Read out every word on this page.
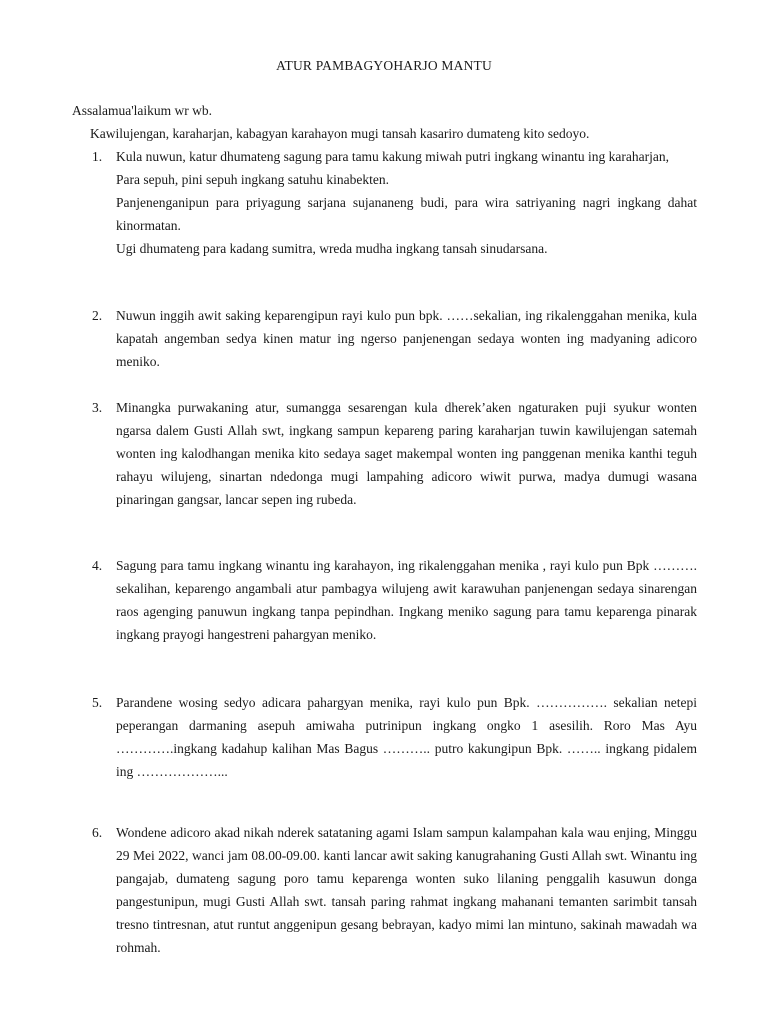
ATUR PAMBAGYOHARJO MANTU
Assalamua'laikum wr wb.
Kawilujengan, karaharjan, kabagyan karahayon mugi tansah kasariro dumateng kito sedoyo.
1.	Kula nuwun, katur dhumateng sagung para tamu kakung miwah putri ingkang winantu ing karaharjan,
Para sepuh, pini sepuh ingkang satuhu kinabekten.
Panjenenganipun para priyagung sarjana sujananeng budi, para wira satriyaning nagri ingkang dahat kinormatan.
Ugi dhumateng para kadang sumitra, wreda mudha ingkang tansah sinudarsana.
2.	Nuwun inggih awit saking keparengipun rayi kulo pun bpk. ……sekalian, ing rikalenggahan menika, kula kapatah angemban sedya kinen matur ing ngerso panjenengan sedaya wonten ing madyaning adicoro meniko.
3.	Minangka purwakaning atur, sumangga sesarengan kula dherek’aken ngaturaken puji syukur wonten ngarsa dalem Gusti Allah swt, ingkang sampun kepareng paring karaharjan tuwin kawilujengan satemah wonten ing kalodhangan menika kito sedaya saget makempal wonten ing panggenan menika kanthi teguh rahayu wilujeng, sinartan ndedonga mugi lampahing adicoro wiwit purwa, madya dumugi wasana pinaringan gangsar, lancar sepen ing rubeda.
4.	Sagung para tamu ingkang winantu ing karahayon, ing rikalenggahan menika , rayi kulo pun Bpk ………. sekalihan, keparengo angambali atur pambagya wilujeng awit karawuhan panjenengan sedaya sinarengan raos agenging panuwun ingkang tanpa pepindhan. Ingkang meniko sagung para tamu keparenga pinarak ingkang prayogi hangestreni pahargyan meniko.
5.	Parandene wosing sedyo adicara pahargyan menika, rayi kulo pun Bpk. ……………. sekalian netepi peperangan darmaning asepuh amiwaha putrinipun ingkang ongko 1 asesilih. Roro Mas Ayu ………….ingkang kadahup kalihan Mas Bagus ……….. putro kakungipun Bpk. …….. ingkang pidalem ing ………………...
6.	Wondene adicoro akad nikah nderek satataning agami Islam sampun kalampahan kala wau enjing, Minggu 29 Mei 2022, wanci jam 08.00-09.00. kanti lancar awit saking kanugrahaning Gusti Allah swt. Winantu ing pangajab, dumateng sagung poro tamu keparenga wonten suko lilaning penggalih kasuwun donga pangestunipun, mugi Gusti Allah swt. tansah paring rahmat ingkang mahanani temanten sarimbit tansah tresno tintresnan, atut runtut anggenipun gesang bebrayan, kadyo mimi lan mintuno, sakinah mawadah wa rohmah.
